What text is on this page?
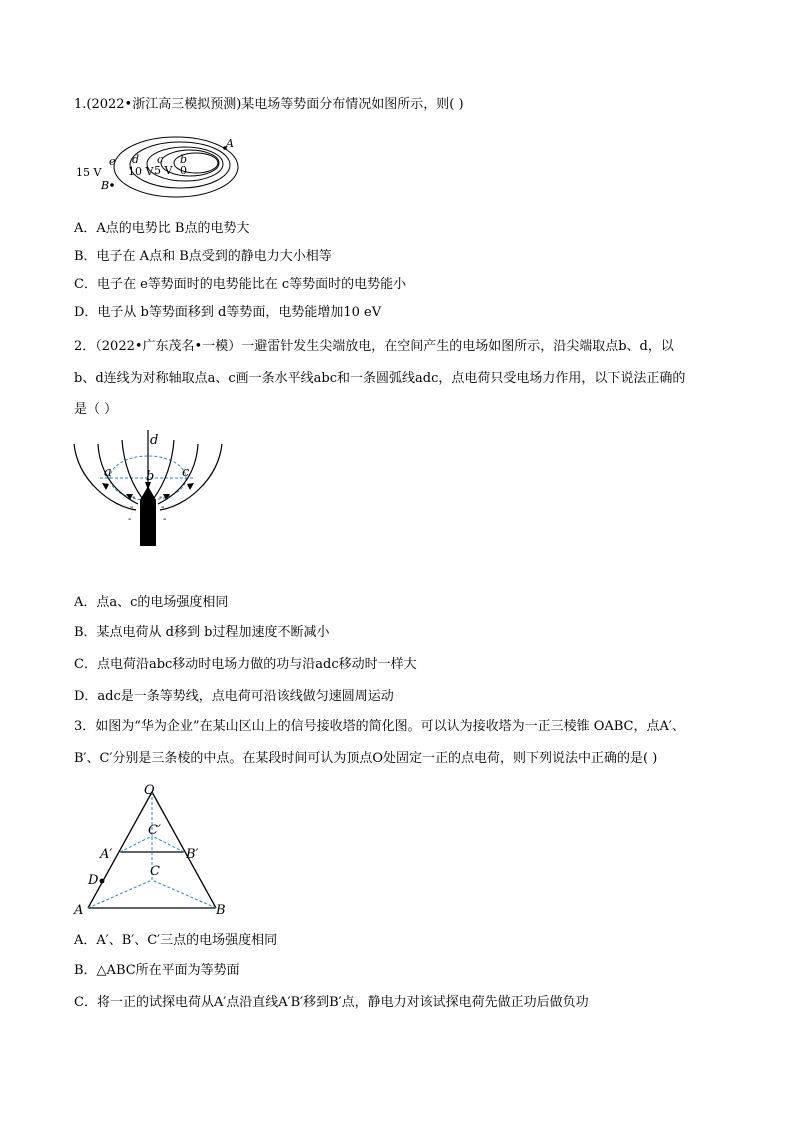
1.(2022•浙江高三模拟预测)某电场等势面分布情况如图所示，则( )
15 V
e
B
d
10 V
c
5 V
b
0
A
A．A点的电势比 B点的电势大
B．电子在 A点和 B点受到的静电力大小相等
C．电子在 e等势面时的电势能比在 c等势面时的电势能小
D．电子从 b等势面移到 d等势面，电势能增加10 eV
2．（2022•广东茂名•一模）一避雷针发生尖端放电，在空间产生的电场如图所示，沿尖端取点b、d，以
b、d连线为对称轴取点a、c画一条水平线abc和一条圆弧线adc，点电荷只受电场力作用，以下说法正确的
是（ ）
- -
-	-
-	-
d
a	b c
A．点a、c的电场强度相同
B．某点电荷从 d移到 b过程加速度不断减小
C．点电荷沿abc移动时电场力做的功与沿adc移动时一样大
D．adc是一条等势线，点电荷可沿该线做匀速圆周运动
3．如图为“华为企业”在某山区山上的信号接收塔的简化图。可以认为接收塔为一正三棱锥 OABC，点A′、
B′、C′分别是三条棱的中点。在某段时间可认为顶点O处固定一正的点电荷，则下列说法中正确的是( )
O
C′
A′	B′
C
D
A	B
A．A′、B′、C′三点的电场强度相同
B．△ABC所在平面为等势面
C．将一正的试探电荷从A′点沿直线A′B′移到B′点，静电力对该试探电荷先做正功后做负功
